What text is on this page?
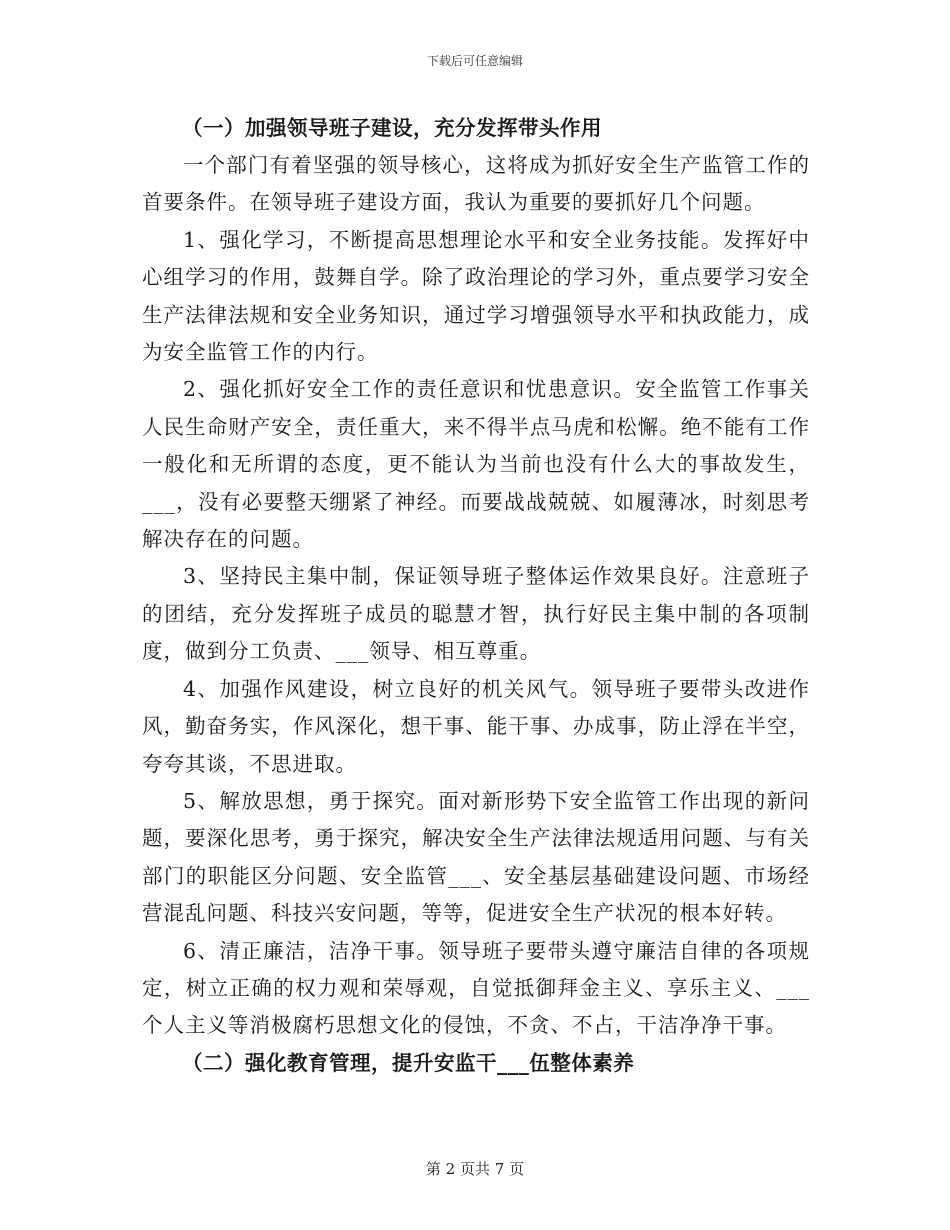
下载后可任意编辑

（一）加强领导班子建设，充分发挥带头作用

一个部门有着坚强的领导核心，这将成为抓好安全生产监管工作的首要条件。在领导班子建设方面，我认为重要的要抓好几个问题。

1、强化学习，不断提高思想理论水平和安全业务技能。发挥好中心组学习的作用，鼓舞自学。除了政治理论的学习外，重点要学习安全生产法律法规和安全业务知识，通过学习增强领导水平和执政能力，成为安全监管工作的内行。

2、强化抓好安全工作的责任意识和忧患意识。安全监管工作事关人民生命财产安全，责任重大，来不得半点马虎和松懈。绝不能有工作一般化和无所谓的态度，更不能认为当前也没有什么大的事故发生，___，没有必要整天绷紧了神经。而要战战兢兢、如履薄冰，时刻思考解决存在的问题。

3、坚持民主集中制，保证领导班子整体运作效果良好。注意班子的团结，充分发挥班子成员的聪慧才智，执行好民主集中制的各项制度，做到分工负责、___领导、相互尊重。

4、加强作风建设，树立良好的机关风气。领导班子要带头改进作风，勤奋务实，作风深化，想干事、能干事、办成事，防止浮在半空，夸夸其谈，不思进取。

5、解放思想，勇于探究。面对新形势下安全监管工作出现的新问题，要深化思考，勇于探究，解决安全生产法律法规适用问题、与有关部门的职能区分问题、安全监管___、安全基层基础建设问题、市场经营混乱问题、科技兴安问题，等等，促进安全生产状况的根本好转。

6、清正廉洁，洁净干事。领导班子要带头遵守廉洁自律的各项规定，树立正确的权力观和荣辱观，自觉抵御拜金主义、享乐主义、___个人主义等消极腐朽思想文化的侵蚀，不贪、不占，干洁净净干事。

（二）强化教育管理，提升安监干___伍整体素养

第 2 页共 7 页
